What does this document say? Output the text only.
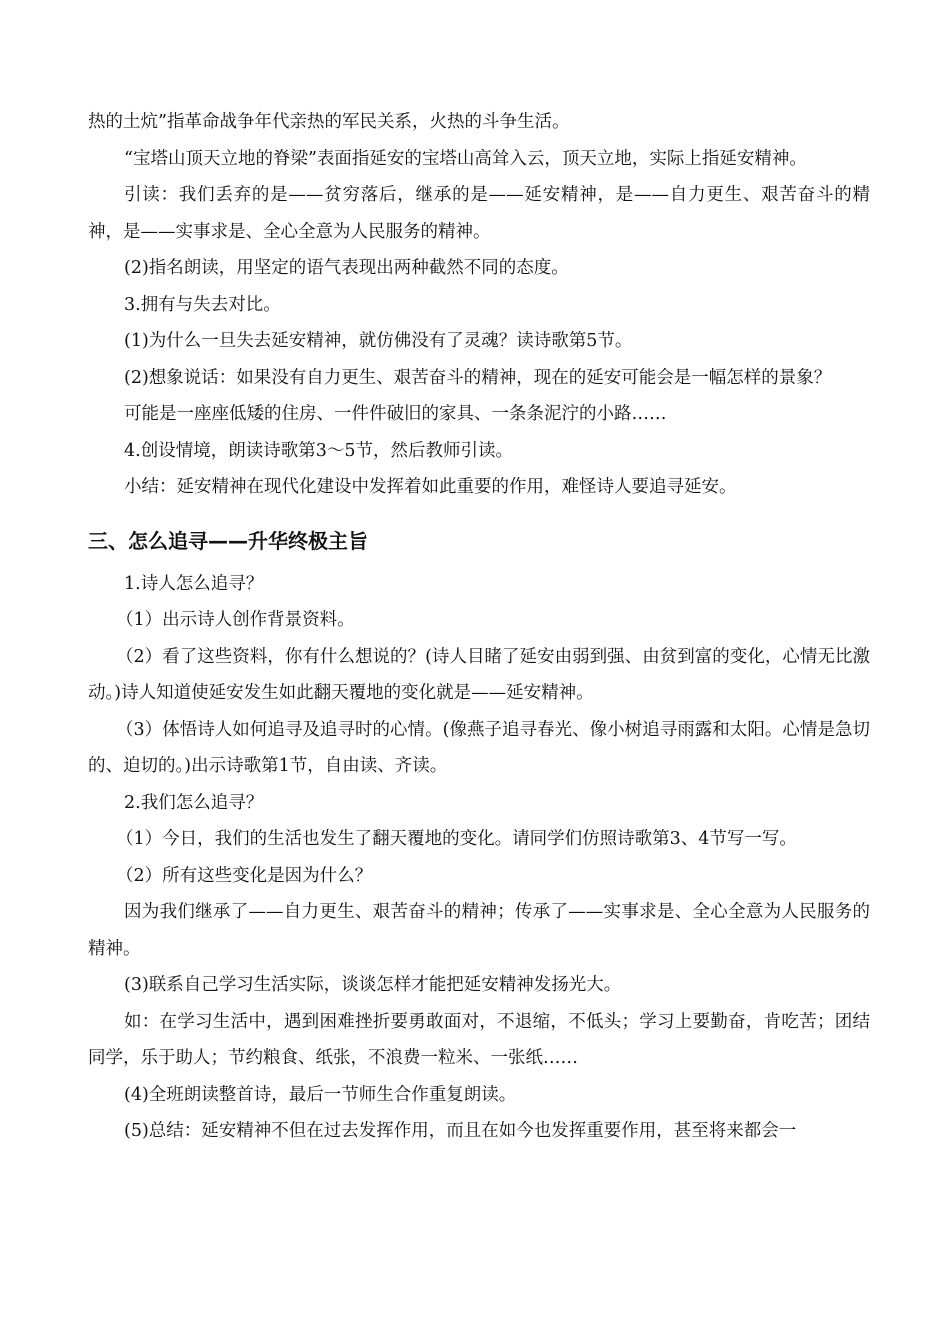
热的土炕”指革命战争年代亲热的军民关系，火热的斗争生活。

“宝塔山顶天立地的脊梁”表面指延安的宝塔山高耸入云，顶天立地，实际上指延安精神。

引读：我们丢弃的是——贫穷落后，继承的是——延安精神，是——自力更生、艰苦奋斗的精神，是——实事求是、全心全意为人民服务的精神。

(2)指名朗读，用坚定的语气表现出两种截然不同的态度。

3.拥有与失去对比。

(1)为什么一旦失去延安精神，就仿佛没有了灵魂？读诗歌第5节。

(2)想象说话：如果没有自力更生、艰苦奋斗的精神，现在的延安可能会是一幅怎样的景象？

可能是一座座低矮的住房、一件件破旧的家具、一条条泥泞的小路……

4.创设情境，朗读诗歌第3～5节，然后教师引读。

小结：延安精神在现代化建设中发挥着如此重要的作用，难怪诗人要追寻延安。

三、怎么追寻——升华终极主旨

1.诗人怎么追寻？

（1）出示诗人创作背景资料。

（2）看了这些资料，你有什么想说的？(诗人目睹了延安由弱到强、由贫到富的变化，心情无比激动。)诗人知道使延安发生如此翻天覆地的变化就是——延安精神。

（3）体悟诗人如何追寻及追寻时的心情。(像燕子追寻春光、像小树追寻雨露和太阳。心情是急切的、迫切的。)出示诗歌第1节，自由读、齐读。

2.我们怎么追寻？

（1）今日，我们的生活也发生了翻天覆地的变化。请同学们仿照诗歌第3、4节写一写。

（2）所有这些变化是因为什么？

因为我们继承了——自力更生、艰苦奋斗的精神；传承了——实事求是、全心全意为人民服务的精神。

(3)联系自己学习生活实际，谈谈怎样才能把延安精神发扬光大。

如：在学习生活中，遇到困难挫折要勇敢面对，不退缩，不低头；学习上要勤奋，肯吃苦；团结同学，乐于助人；节约粮食、纸张，不浪费一粒米、一张纸……

(4)全班朗读整首诗，最后一节师生合作重复朗读。

(5)总结：延安精神不但在过去发挥作用，而且在如今也发挥重要作用，甚至将来都会一
